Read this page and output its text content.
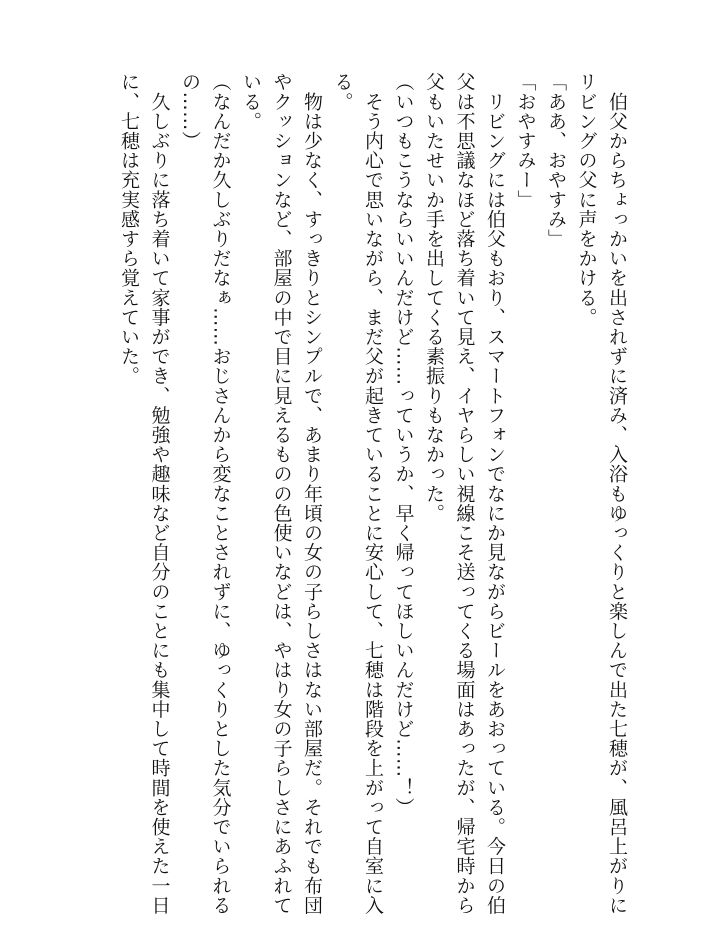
　伯父からちょっかいを出されずに済み、入浴もゆっくりと楽しんで出た七穂が、風呂上がりに
リビングの父に声をかける。
「ああ、おやすみ」
「おやすみー」
　リビングには伯父もおり、スマートフォンでなにか見ながらビールをあおっている。今日の伯
父は不思議なほど落ち着いて見え、イヤらしい視線こそ送ってくる場面はあったが、帰宅時から
父もいたせいか手を出してくる素振りもなかった。
（いつもこうならいいんだけど……っていうか、早く帰ってほしいんだけど……！）
　そう内心で思いながら、まだ父が起きていることに安心して、七穂は階段を上がって自室に入
る。
　物は少なく、すっきりとシンプルで、あまり年頃の女の子らしさはない部屋だ。それでも布団
やクッションなど、部屋の中で目に見えるものの色使いなどは、やはり女の子らしさにあふれて
いる。
（なんだか久しぶりだなぁ……おじさんから変なことされずに、ゆっくりとした気分でいられる
の……）
　久しぶりに落ち着いて家事ができ、勉強や趣味など自分のことにも集中して時間を使えた一日
に、七穂は充実感すら覚えていた。
